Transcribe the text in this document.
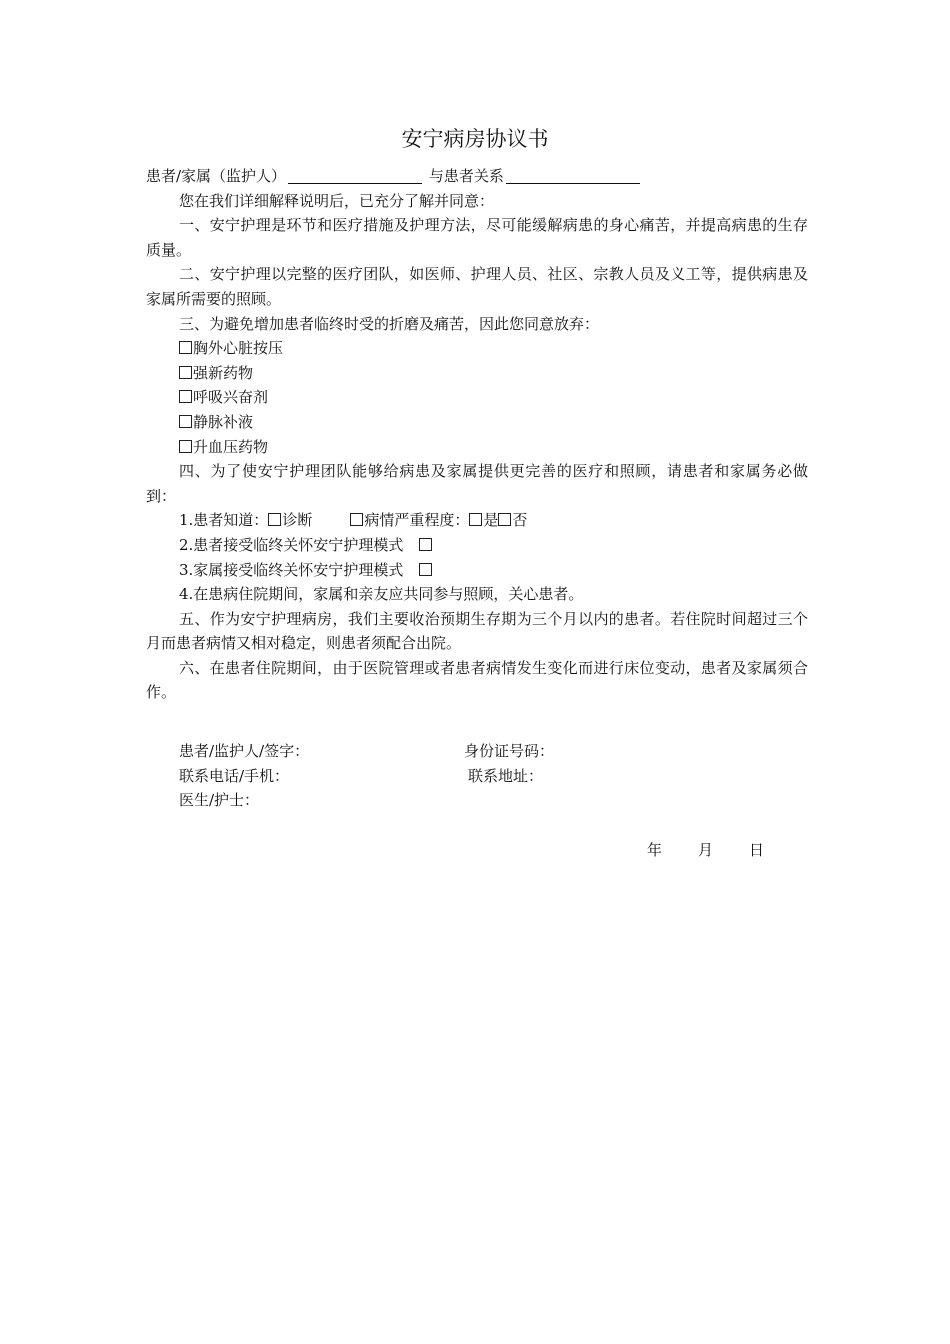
安宁病房协议书
患者/家属（监护人）	与患者关系
您在我们详细解释说明后，已充分了解并同意：
一、安宁护理是环节和医疗措施及护理方法，尽可能缓解病患的身心痛苦，并提高病患的生存质量。
二、安宁护理以完整的医疗团队，如医师、护理人员、社区、宗教人员及义工等，提供病患及家属所需要的照顾。
三、为避免增加患者临终时受的折磨及痛苦，因此您同意放弃：
胸外心脏按压
强新药物
呼吸兴奋剂
静脉补液
升血压药物
四、为了使安宁护理团队能够给病患及家属提供更完善的医疗和照顾，请患者和家属务必做到：
1.患者知道： 诊断	病情严重程度： 是 否
2.患者接受临终关怀安宁护理模式
3.家属接受临终关怀安宁护理模式
4.在患病住院期间，家属和亲友应共同参与照顾，关心患者。
五、作为安宁护理病房，我们主要收治预期生存期为三个月以内的患者。若住院时间超过三个月而患者病情又相对稳定，则患者须配合出院。
六、在患者住院期间，由于医院管理或者患者病情发生变化而进行床位变动，患者及家属须合作。
患者/监护人/签字：	身份证号码：
联系电话/手机：	联系地址：
医生/护士：
年 月 日
